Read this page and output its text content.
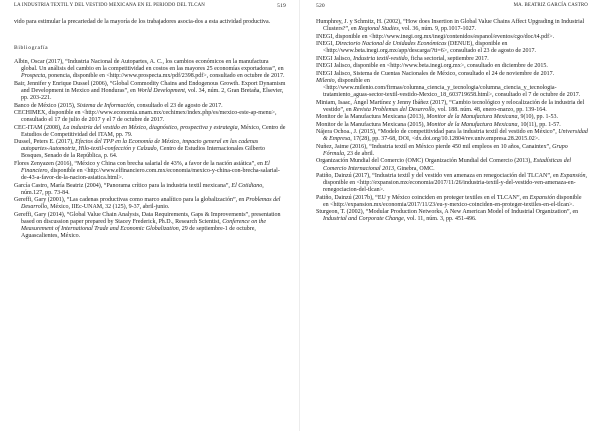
LA INDUSTRIA TEXTIL Y DEL VESTIDO MEXICANA EN EL PERIODO DEL TLCAN	519

vido para estimular la precariedad de la mayoría de los trabajadores asocia-dos a esta actividad productiva.

Bibliografía

Albin, Oscar (2017), “Industria Nacional de Autopartes, A. C., los cambios económicos en la manufactura global. Un análisis del cambio en la competitividad en costos en las mayores 25 economías exportadoras”, en Prospecta, ponencia, disponible en <http://www.prospecta.mx/pdf/2398.pdf>, consultado en octubre de 2017.

Bair, Jennifer y Enrique Dussel (2006), “Global Commodity Chains and Endogenous Growth. Export Dynamism and Development in Mexico and Honduras”, en World Development, vol. 34, núm. 2, Gran Bretaña, Elsevier, pp. 203-221.

Banco de México (2015), Sistema de Información, consultado el 23 de agosto de 2017.

CECHIMEX, disponible en <http://www.economia.unam.mx/cechimex/index.php/es/mexico-este-ap-menu>, consultado el 17 de julio de 2017 y el 7 de octubre de 2017.

CEC-ITAM (2008), La industria del vestido en México, diagnóstico, prospectiva y estrategia, México, Centro de Estudios de Competitividad del ITAM, pp. 79.

Dussel, Peters E. (2017), Efectos del TPP en la Economía de México, impacto general en las cadenas autopartes-Automotriz, Hilo-textil-confección y Calzado, Centro de Estudios Internacionales Gilberto Bosques, Senado de la República, p. 64.

Flores Zenyazen (2016), “México y China con brecha salarial de 43%, a favor de la nación asiática”, en El Financiero, disponible en <http://www.elfinanciero.com.mx/economia/mexico-y-china-con-brecha-salarial-de-43-a-favor-de-la-nacion-asiatica.html>.

García Castro, María Beatriz (2004), “Panorama crítico para la industria textil mexicana”, El Cotidiano, núm.127, pp. 73-84.

Gereffi, Gary (2001), “Las cadenas productivas como marco analítico para la globalización”, en Problemas del Desarrollo, México, IIEc-UNAM, 32 (125), 9-37, abril-junio.

Gereffi, Gary (2014), “Global Value Chain Analysis, Data Requirements, Gaps & Improvements”, presentation based on discussion paper prepared by Stacey Frederick, Ph.D., Research Scientist, Conference on the Measurement of International Trade and Economic Globalization, 29 de septiembre-1 de octubre, Aguascalientes, México.

520	MA. BEATRIZ GARCÍA CASTRO

Humphrey, J. y Schmitz, H. (2002), “How does Insertion in Global Value Chains Affect Upgrading in Industrial Clusters?”, en Regional Studies, vol. 36, núm. 9, pp.1017-1027.

INEGI, disponible en <http://www.inegi.org.mx/inegi/contenidos/espanol/eventos/cgo/doc/t4.pdf>.

INEGI, Directorio Nacional de Unidades Económicas (DENUE), disponible en <http://www.beta.inegi.org.mx/app/descarga/?ti=6>, consultado el 23 de agosto de 2017.

INEGI Jalisco, Industria textil-vestido, ficha sectorial, septiembre 2017.

INEGI Jalisco, disponible en <http://www.beta.inegi.org.mx>, consultado en diciembre de 2015.

INEGI Jalisco, Sistema de Cuentas Nacionales de México, consultado el 24 de noviembre de 2017.

Milenio, disponible en <http://www.milenio.com/firmas/columna_ciencia_y_tecnologia/columna_ciencia_y_tecnologia-tratamiento_aguas-sector-textil-vestido-Mexico_18_603719658.html>, consultado el 7 de octubre de 2017.

Miniam, Isaac, Ángel Martínez y Jenny Ibáñez (2017), “Cambio tecnológico y relocalización de la industria del vestido”, en Revista Problemas del Desarrollo, vol. 188. núm. 48, enero-marzo, pp. 139-164.

Monitor de la Manufactura Mexicana (2013), Monitor de la Manufactura Mexicana, 9(10), pp. 1-53.

Monitor de la Manufactura Mexicana (2015), Monitor de la Manufactura Mexicana, 10(11), pp. 1-57.

Nájera Ochoa., J. (2015), “Modelo de competitividad para la industria textil del vestido en México”, Universidad & Empresa, 17(28), pp. 37-68, DOI, <dx.doi.org/10.12804/rev.univ.empresa.28.2015.02>.

Nuñez, Jaime (2016), “Industria textil en México pierde 450 mil empleos en 10 años, Canaintex”, Grupo Fórmula, 23 de abril.

Organización Mundial del Comercio (OMC) Organización Mundial del Comercio (2013), Estadísticas del Comercio Internacional 2013, Ginebra, OMC.

Patiño, Dainzú (2017), “Industria textil y del vestido ven amenaza en renegociación del TLCAN”, en Expansión, disponible en <http://expansion.mx/economia/2017/11/26/industria-textil-y-del-vestido-ven-amenaza-en-renegociacion-del-tlcan>.

Patiño, Dainzú (2017b), “EU y México coinciden en proteger textiles en el TLCAN”, en Expansión disponible en <http://expansion.mx/economia/2017/11/23/eu-y-mexico-coinciden-en-proteger-textiles-en-el-tlcan>.

Sturgeon, T. (2002), “Modular Production Networks, A New American Model of Industrial Organization”, en Industrial and Corporate Change, vol. 11, núm. 3, pp. 451-496.
